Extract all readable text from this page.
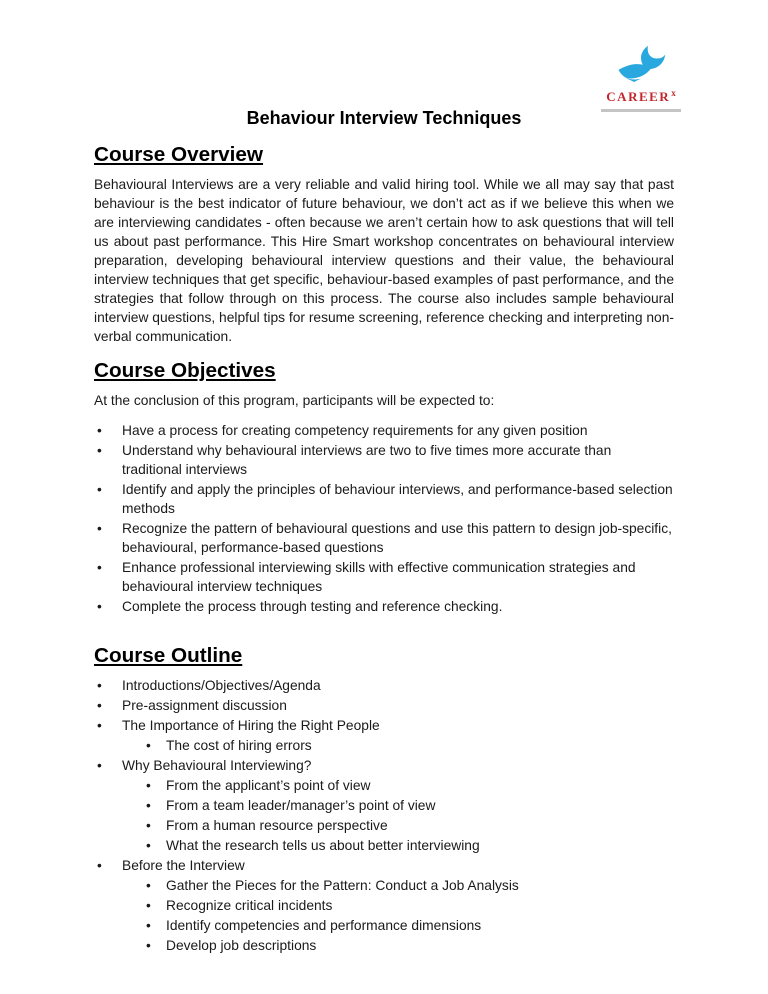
CAREER$^x$
Behaviour Interview Techniques
Course Overview

Behavioural Interviews are a very reliable and valid hiring tool. While we all may say that past behaviour is the best indicator of future behaviour, we don’t act as if we believe this when we are interviewing candidates - often because we aren’t certain how to ask questions that will tell us about past performance. This Hire Smart workshop concentrates on behavioural interview preparation, developing behavioural interview questions and their value, the behavioural interview techniques that get specific, behaviour-based examples of past performance, and the strategies that follow through on this process. The course also includes sample behavioural interview questions, helpful tips for resume screening, reference checking and interpreting non-verbal communication.

Course Objectives

At the conclusion of this program, participants will be expected to:

•	Have a process for creating competency requirements for any given position
•	Understand why behavioural interviews are two to five times more accurate than traditional interviews
•	Identify and apply the principles of behaviour interviews, and performance-based selection methods
•	Recognize the pattern of behavioural questions and use this pattern to design job-specific, behavioural, performance-based questions
•	Enhance professional interviewing skills with effective communication strategies and behavioural interview techniques
•	Complete the process through testing and reference checking.
Course Outline
•	Introductions/Objectives/Agenda
•	Pre-assignment discussion
•	The Importance of Hiring the Right People
•	The cost of hiring errors
•	Why Behavioural Interviewing?
•	From the applicant’s point of view
•	From a team leader/manager’s point of view
•	From a human resource perspective
•	What the research tells us about better interviewing
•	Before the Interview
•	Gather the Pieces for the Pattern: Conduct a Job Analysis
•	Recognize critical incidents
•	Identify competencies and performance dimensions
•	Develop job descriptions
